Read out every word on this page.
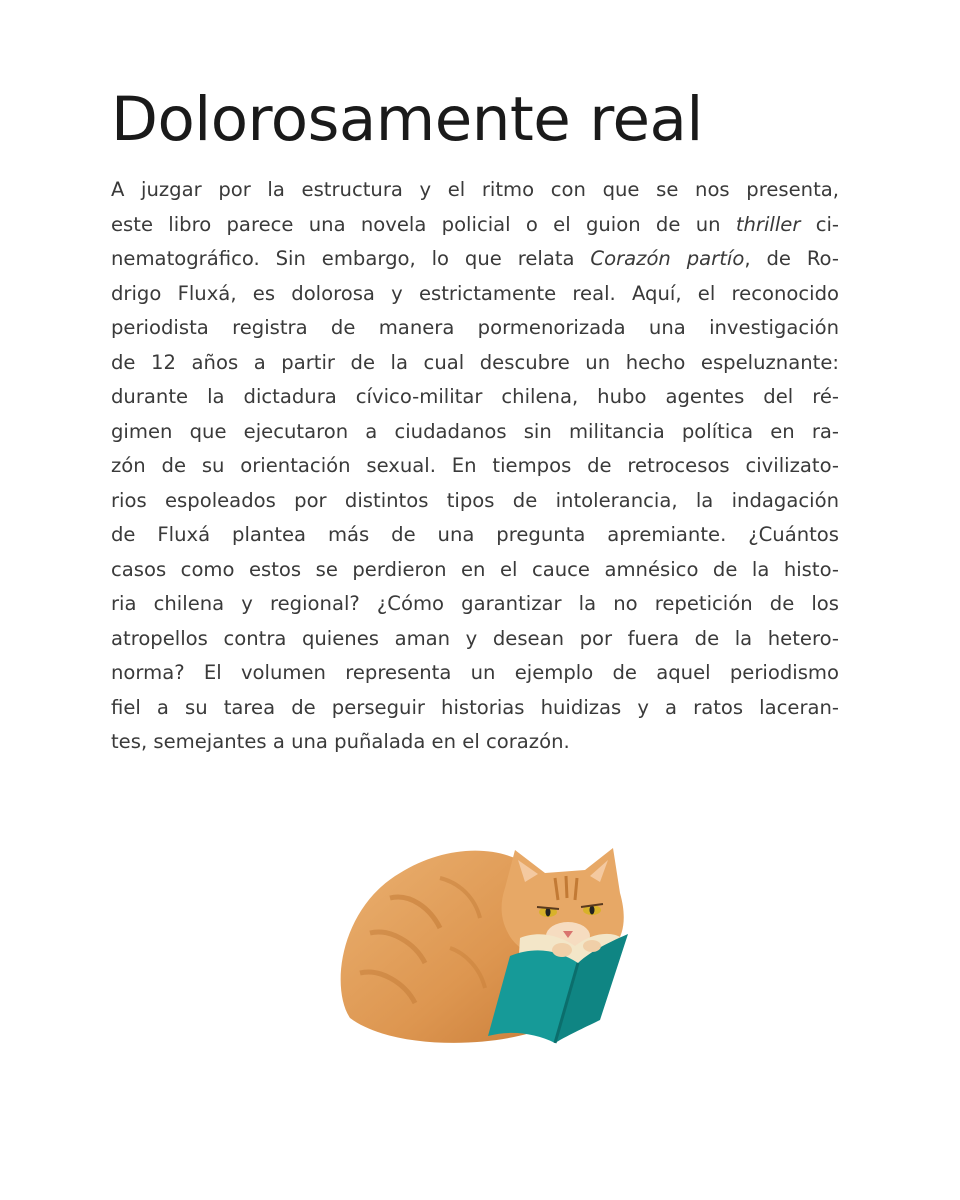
Dolorosamente real
A juzgar por la estructura y el ritmo con que se nos presenta,
este libro parece una novela policial o el guion de un thriller ci-
nematográfico. Sin embargo, lo que relata Corazón partío, de Ro-
drigo Fluxá, es dolorosa y estrictamente real. Aquí, el reconocido
periodista registra de manera pormenorizada una investigación
de 12 años a partir de la cual descubre un hecho espeluznante:
durante la dictadura cívico-militar chilena, hubo agentes del ré-
gimen que ejecutaron a ciudadanos sin militancia política en ra-
zón de su orientación sexual. En tiempos de retrocesos civilizato-
rios espoleados por distintos tipos de intolerancia, la indagación
de Fluxá plantea más de una pregunta apremiante. ¿Cuántos
casos como estos se perdieron en el cauce amnésico de la histo-
ria chilena y regional? ¿Cómo garantizar la no repetición de los
atropellos contra quienes aman y desean por fuera de la hetero-
norma? El volumen representa un ejemplo de aquel periodismo
fiel a su tarea de perseguir historias huidizas y a ratos laceran-
tes, semejantes a una puñalada en el corazón.
